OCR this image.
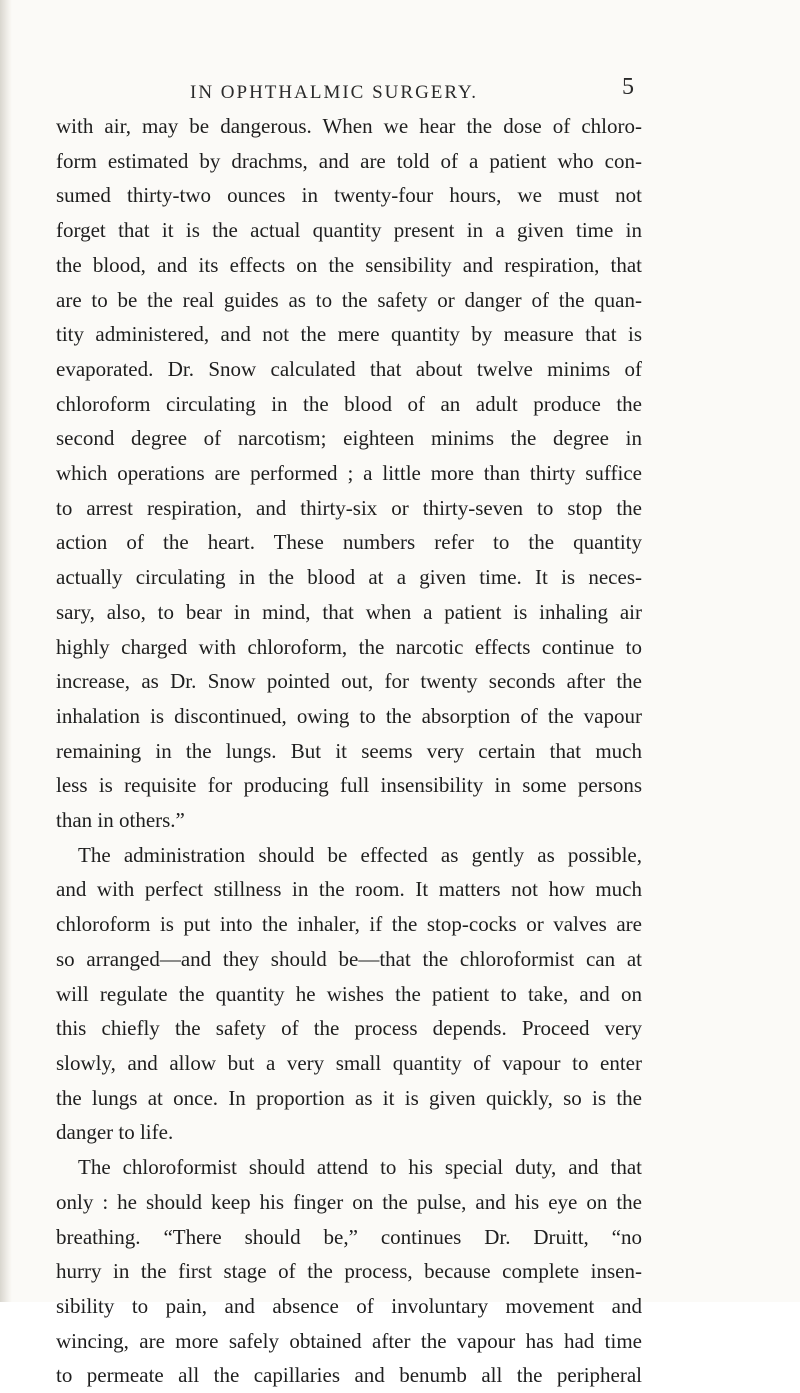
IN OPHTHALMIC SURGERY.	5
with air, may be dangerous. When we hear the dose of chloro-
form estimated by drachms, and are told of a patient who con-
sumed thirty-two ounces in twenty-four hours, we must not
forget that it is the actual quantity present in a given time in
the blood, and its effects on the sensibility and respiration, that
are to be the real guides as to the safety or danger of the quan-
tity administered, and not the mere quantity by measure that is
evaporated. Dr. Snow calculated that about twelve minims of
chloroform circulating in the blood of an adult produce the
second degree of narcotism; eighteen minims the degree in
which operations are performed ; a little more than thirty suffice
to arrest respiration, and thirty-six or thirty-seven to stop the
action of the heart. These numbers refer to the quantity
actually circulating in the blood at a given time. It is neces-
sary, also, to bear in mind, that when a patient is inhaling air
highly charged with chloroform, the narcotic effects continue to
increase, as Dr. Snow pointed out, for twenty seconds after the
inhalation is discontinued, owing to the absorption of the vapour
remaining in the lungs. But it seems very certain that much
less is requisite for producing full insensibility in some persons
than in others.”
The administration should be effected as gently as possible,
and with perfect stillness in the room. It matters not how much
chloroform is put into the inhaler, if the stop-cocks or valves are
so arranged—and they should be—that the chloroformist can at
will regulate the quantity he wishes the patient to take, and on
this chiefly the safety of the process depends. Proceed very
slowly, and allow but a very small quantity of vapour to enter
the lungs at once. In proportion as it is given quickly, so is the
danger to life.
The chloroformist should attend to his special duty, and that
only : he should keep his finger on the pulse, and his eye on the
breathing. “There should be,” continues Dr. Druitt, “no
hurry in the first stage of the process, because complete insen-
sibility to pain, and absence of involuntary movement and
wincing, are more safely obtained after the vapour has had time
to permeate all the capillaries and benumb all the peripheral
